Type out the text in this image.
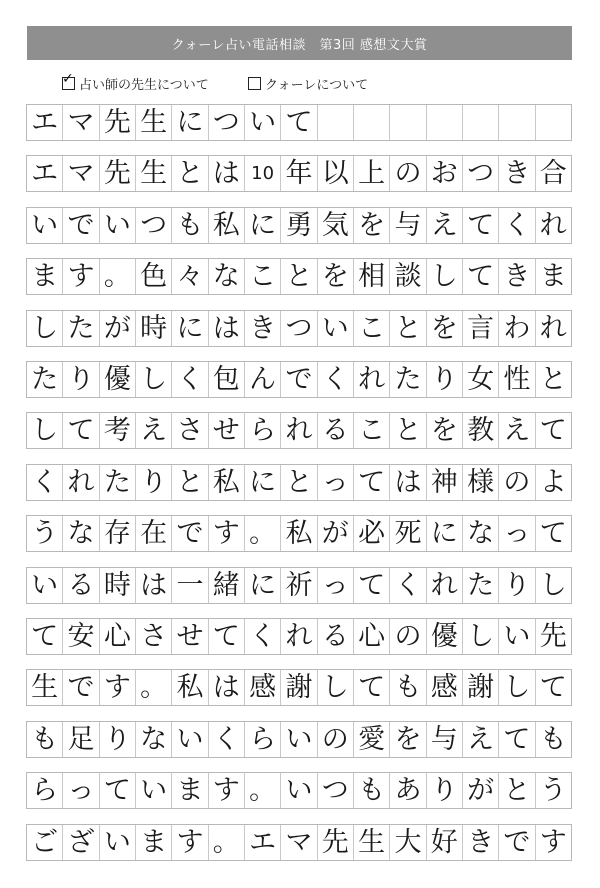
クォーレ占い電話相談　第3回 感想文大賞
✓ 占い師の先生について	クォーレについて
エ マ 先 生 に つ い て
エ マ 先 生 と は 10 年 以 上 の お つ き 合
い で い つ も 私 に 勇 気 を 与 え て く れ
ま す 。 色 々 な こ と を 相 談 し て き ま
し た が 時 に は き つ い こ と を 言 わ れ
た り 優 し く 包 ん で く れ た り 女 性 と
し て 考 え さ せ ら れ る こ と を 教 え て
く れ た り と 私 に と っ て は 神 様 の よ
う な 存 在 で す 。 私 が 必 死 に な っ て
い る 時 は 一 緒 に 祈 っ て く れ た り し
て 安 心 さ せ て く れ る 心 の 優 し い 先
生 で す 。 私 は 感 謝 し て も 感 謝 し て
も 足 り な い く ら い の 愛 を 与 え て も
ら っ て い ま す 。 い つ も あ り が と う
ご ざ い ま す 。 エ マ 先 生 大 好 き で す
